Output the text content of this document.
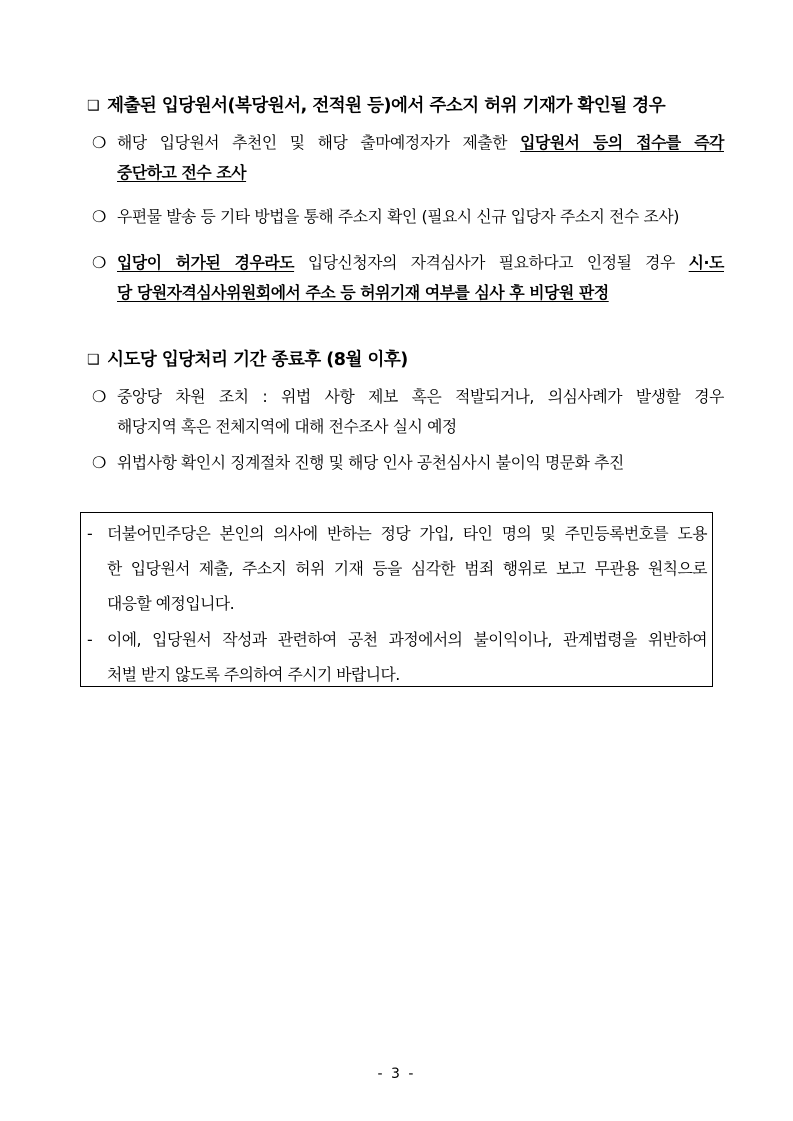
❑ 제출된 입당원서(복당원서, 전적원 등)에서 주소지 허위 기재가 확인될 경우
❍ 해당 입당원서 추천인 및 해당 출마예정자가 제출한 입당원서 등의 접수를 즉각
중단하고 전수 조사
❍ 우편물 발송 등 기타 방법을 통해 주소지 확인 (필요시 신규 입당자 주소지 전수 조사)
❍ 입당이 허가된 경우라도 입당신청자의 자격심사가 필요하다고 인정될 경우 시·도
당 당원자격심사위원회에서 주소 등 허위기재 여부를 심사 후 비당원 판정
❑ 시도당 입당처리 기간 종료후 (8월 이후)
❍ 중앙당 차원 조치 : 위법 사항 제보 혹은 적발되거나, 의심사례가 발생할 경우
해당지역 혹은 전체지역에 대해 전수조사 실시 예정
❍ 위법사항 확인시 징계절차 진행 및 해당 인사 공천심사시 불이익 명문화 추진
- 더불어민주당은 본인의 의사에 반하는 정당 가입, 타인 명의 및 주민등록번호를 도용
한 입당원서 제출, 주소지 허위 기재 등을 심각한 범죄 행위로 보고 무관용 원칙으로
대응할 예정입니다.
- 이에, 입당원서 작성과 관련하여 공천 과정에서의 불이익이나, 관계법령을 위반하여
처벌 받지 않도록 주의하여 주시기 바랍니다.
- 3 -
